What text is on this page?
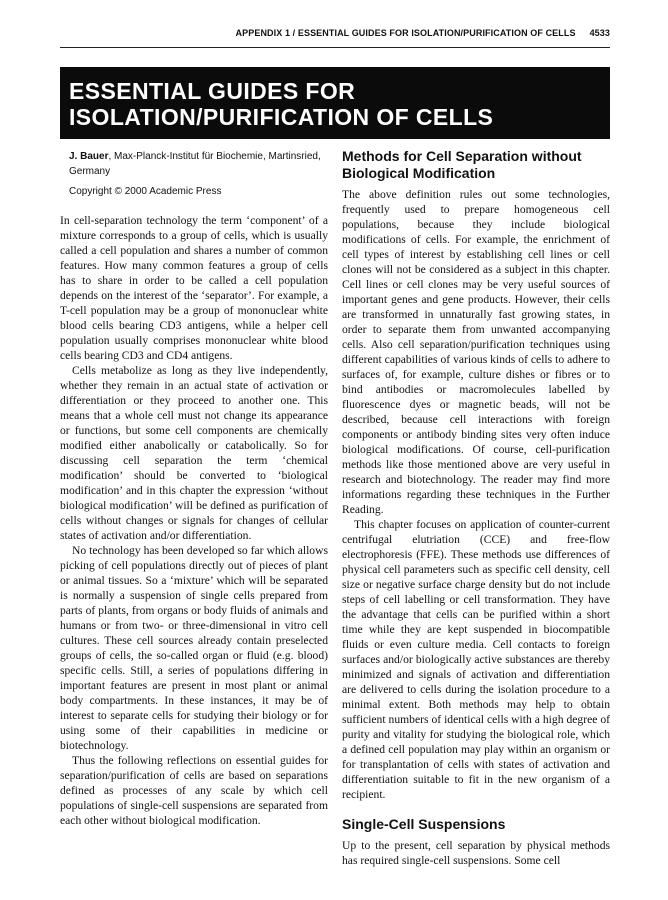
APPENDIX 1 / ESSENTIAL GUIDES FOR ISOLATION/PURIFICATION OF CELLS 4533
ESSENTIAL GUIDES FOR
ISOLATION/PURIFICATION OF CELLS
J. Bauer, Max-Planck-Institut für Biochemie, Martinsried, Germany
Copyright © 2000 Academic Press

In cell-separation technology the term ‘component’ of a mixture corresponds to a group of cells, which is usually called a cell population and shares a number of common features. How many common features a group of cells has to share in order to be called a cell population depends on the interest of the ‘separator’. For example, a T-cell population may be a group of mononuclear white blood cells bearing CD3 antigens, while a helper cell population usually comprises mononuclear white blood cells bearing CD3 and CD4 antigens.

Cells metabolize as long as they live independently, whether they remain in an actual state of activation or differentiation or they proceed to another one. This means that a whole cell must not change its appearance or functions, but some cell components are chemically modified either anabolically or catabolically. So for discussing cell separation the term ‘chemical modification’ should be converted to ‘biological modification’ and in this chapter the expression ‘without biological modification’ will be defined as purification of cells without changes or signals for changes of cellular states of activation and/or differentiation.

No technology has been developed so far which allows picking of cell populations directly out of pieces of plant or animal tissues. So a ‘mixture’ which will be separated is normally a suspension of single cells prepared from parts of plants, from organs or body fluids of animals and humans or from two- or three-dimensional in vitro cell cultures. These cell sources already contain preselected groups of cells, the so-called organ or fluid (e.g. blood) specific cells. Still, a series of populations differing in important features are present in most plant or animal body compartments. In these instances, it may be of interest to separate cells for studying their biology or for using some of their capabilities in medicine or biotechnology.

Thus the following reflections on essential guides for separation/purification of cells are based on separations defined as processes of any scale by which cell populations of single-cell suspensions are separated from each other without biological modification.

Methods for Cell Separation without Biological Modification

The above definition rules out some technologies, frequently used to prepare homogeneous cell populations, because they include biological modifications of cells. For example, the enrichment of cell types of interest by establishing cell lines or cell clones will not be considered as a subject in this chapter. Cell lines or cell clones may be very useful sources of important genes and gene products. However, their cells are transformed in unnaturally fast growing states, in order to separate them from unwanted accompanying cells. Also cell separation/purification techniques using different capabilities of various kinds of cells to adhere to surfaces of, for example, culture dishes or fibres or to bind antibodies or macromolecules labelled by fluorescence dyes or magnetic beads, will not be described, because cell interactions with foreign components or antibody binding sites very often induce biological modifications. Of course, cell-purification methods like those mentioned above are very useful in research and biotechnology. The reader may find more informations regarding these techniques in the Further Reading.

This chapter focuses on application of counter-current centrifugal elutriation (CCE) and free-flow electrophoresis (FFE). These methods use differences of physical cell parameters such as specific cell density, cell size or negative surface charge density but do not include steps of cell labelling or cell transformation. They have the advantage that cells can be purified within a short time while they are kept suspended in biocompatible fluids or even culture media. Cell contacts to foreign surfaces and/or biologically active substances are thereby minimized and signals of activation and differentiation are delivered to cells during the isolation procedure to a minimal extent. Both methods may help to obtain sufficient numbers of identical cells with a high degree of purity and vitality for studying the biological role, which a defined cell population may play within an organism or for transplantation of cells with states of activation and differentiation suitable to fit in the new organism of a recipient.

Single-Cell Suspensions

Up to the present, cell separation by physical methods has required single-cell suspensions. Some cell
